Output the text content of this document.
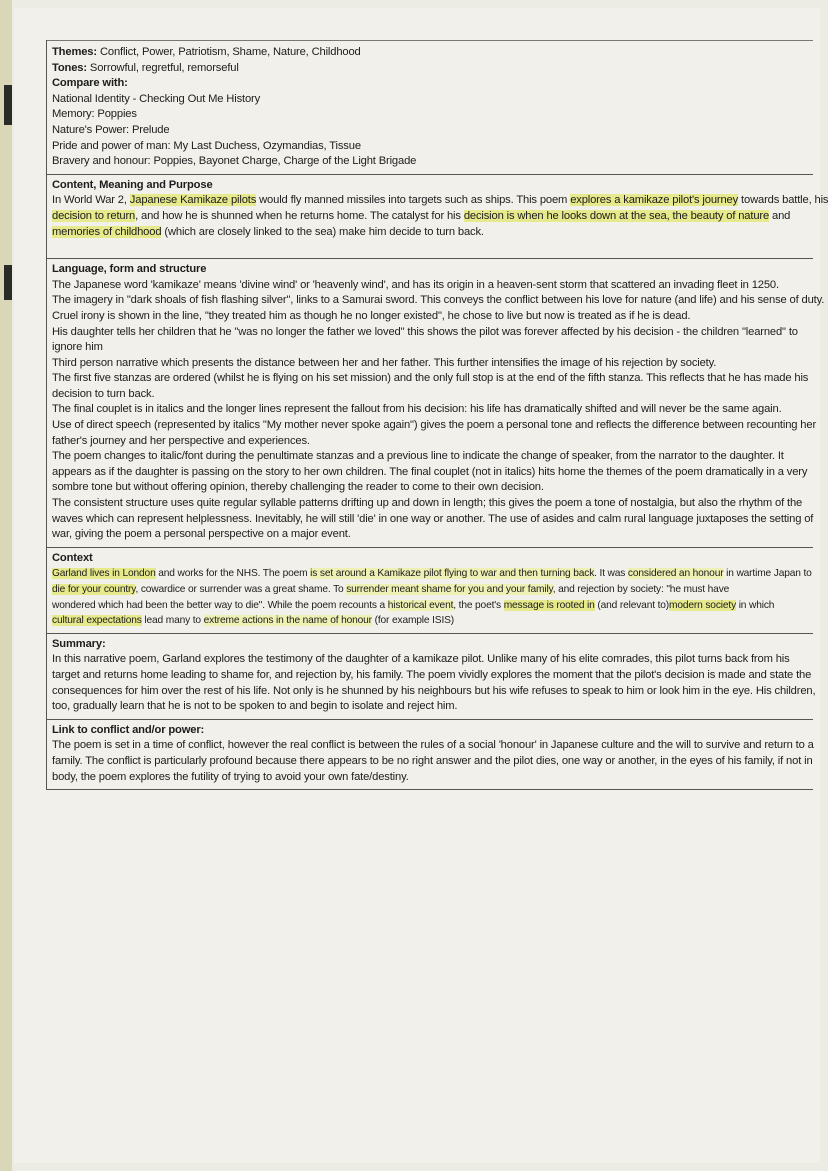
Themes: Conflict, Power, Patriotism, Shame, Nature, Childhood
Tones: Sorrowful, regretful, remorseful
Compare with:
National Identity - Checking Out Me History
Memory: Poppies
Nature's Power: Prelude
Pride and power of man: My Last Duchess, Ozymandias, Tissue
Bravery and honour: Poppies, Bayonet Charge, Charge of the Light Brigade
Content, Meaning and Purpose
In World War 2, Japanese Kamikaze pilots would fly manned missiles into targets such as ships. This poem explores a kamikaze pilot's journey towards battle, his
decision to return, and how he is shunned when he returns home. The catalyst for his decision is when he looks down at the sea, the beauty of nature and
memories of childhood (which are closely linked to the sea) make him decide to turn back.
Language, form and structure
The Japanese word 'kamikaze' means 'divine wind' or 'heavenly wind', and has its origin in a heaven-sent storm that scattered an invading fleet in 1250.
The imagery in "dark shoals of fish flashing silver", links to a Samurai sword. This conveys the conflict between his love for nature (and life) and his sense of duty.
Cruel irony is shown in the line, "they treated him as though he no longer existed", he chose to live but now is treated as if he is dead.
His daughter tells her children that he "was no longer the father we loved" this shows the pilot was forever affected by his decision - the children "learned" to
ignore him
Third person narrative which presents the distance between her and her father. This further intensifies the image of his rejection by society.
The first five stanzas are ordered (whilst he is flying on his set mission) and the only full stop is at the end of the fifth stanza. This reflects that he has made his
decision to turn back.
The final couplet is in italics and the longer lines represent the fallout from his decision: his life has dramatically shifted and will never be the same again.
Use of direct speech (represented by italics "My mother never spoke again") gives the poem a personal tone and reflects the difference between recounting her
father's journey and her perspective and experiences.
The poem changes to italic/font during the penultimate stanzas and a previous line to indicate the change of speaker, from the narrator to the daughter. It
appears as if the daughter is passing on the story to her own children. The final couplet (not in italics) hits home the themes of the poem dramatically in a very
sombre tone but without offering opinion, thereby challenging the reader to come to their own decision.
The consistent structure uses quite regular syllable patterns drifting up and down in length; this gives the poem a tone of nostalgia, but also the rhythm of the
waves which can represent helplessness. Inevitably, he will still 'die' in one way or another. The use of asides and calm rural language juxtaposes the setting of
war, giving the poem a personal perspective on a major event.
Context
Garland lives in London and works for the NHS. The poem is set around a Kamikaze pilot flying to war and then turning back. It was considered an honour in wartime Japan to
die for your country, cowardice or surrender was a great shame. To surrender meant shame for you and your family, and rejection by society: "he must have
wondered which had been the better way to die". While the poem recounts a historical event, the poet's message is rooted in (and relevant to)modern society in which
cultural expectations lead many to extreme actions in the name of honour (for example ISIS)
Summary:
In this narrative poem, Garland explores the testimony of the daughter of a kamikaze pilot. Unlike many of his elite comrades, this pilot turns back from his
target and returns home leading to shame for, and rejection by, his family. The poem vividly explores the moment that the pilot's decision is made and state the
consequences for him over the rest of his life. Not only is he shunned by his neighbours but his wife refuses to speak to him or look him in the eye. His children,
too, gradually learn that he is not to be spoken to and begin to isolate and reject him.
Link to conflict and/or power:
The poem is set in a time of conflict, however the real conflict is between the rules of a social 'honour' in Japanese culture and the will to survive and return to a
family. The conflict is particularly profound because there appears to be no right answer and the pilot dies, one way or another, in the eyes of his family, if not in
body, the poem explores the futility of trying to avoid your own fate/destiny.
